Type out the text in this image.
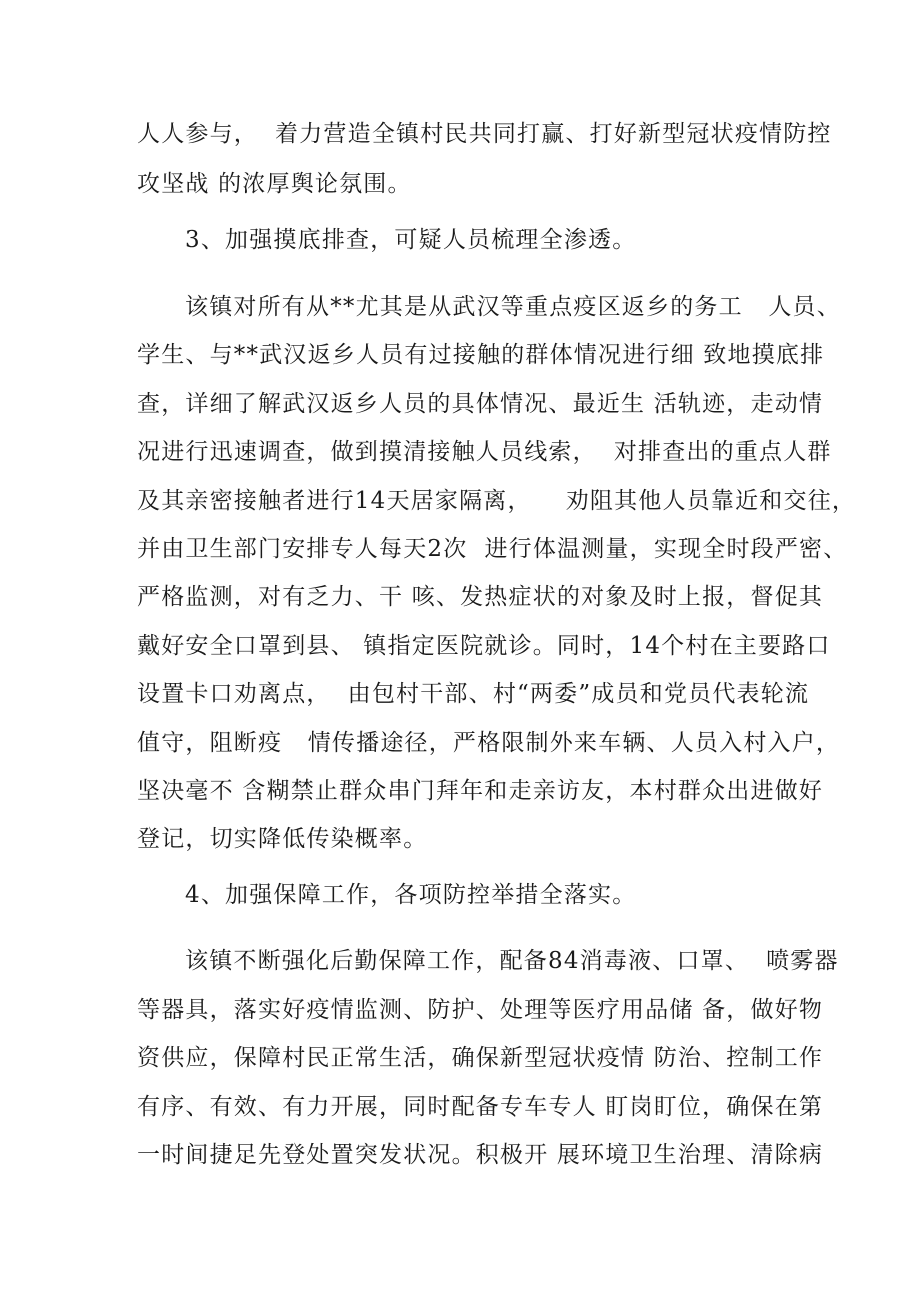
人人参与，  着力营造全镇村民共同打赢、打好新型冠状疫情防控
攻坚战 的浓厚舆论氛围。
3、加强摸底排查，可疑人员梳理全渗透。
该镇对所有从**尤其是从武汉等重点疫区返乡的务工   人员、
学生、与**武汉返乡人员有过接触的群体情况进行细 致地摸底排
查，详细了解武汉返乡人员的具体情况、最近生 活轨迹，走动情
况进行迅速调查，做到摸清接触人员线索，  对排查出的重点人群
及其亲密接触者进行14天居家隔离，    劝阻其他人员靠近和交往，
并由卫生部门安排专人每天2次  进行体温测量，实现全时段严密、
严格监测，对有乏力、干 咳、发热症状的对象及时上报，督促其
戴好安全口罩到县、 镇指定医院就诊。同时，14个村在主要路口
设置卡口劝离点，  由包村干部、村“两委”成员和党员代表轮流
值守，阻断疫   情传播途径，严格限制外来车辆、人员入村入户，
坚决毫不 含糊禁止群众串门拜年和走亲访友，本村群众出进做好
登记，切实降低传染概率。
4、加强保障工作，各项防控举措全落实。
该镇不断强化后勤保障工作，配备84消毒液、口罩、  喷雾器
等器具，落实好疫情监测、防护、处理等医疗用品储 备，做好物
资供应，保障村民正常生活，确保新型冠状疫情 防治、控制工作
有序、有效、有力开展，同时配备专车专人 盯岗盯位，确保在第
一时间捷足先登处置突发状况。积极开 展环境卫生治理、清除病
